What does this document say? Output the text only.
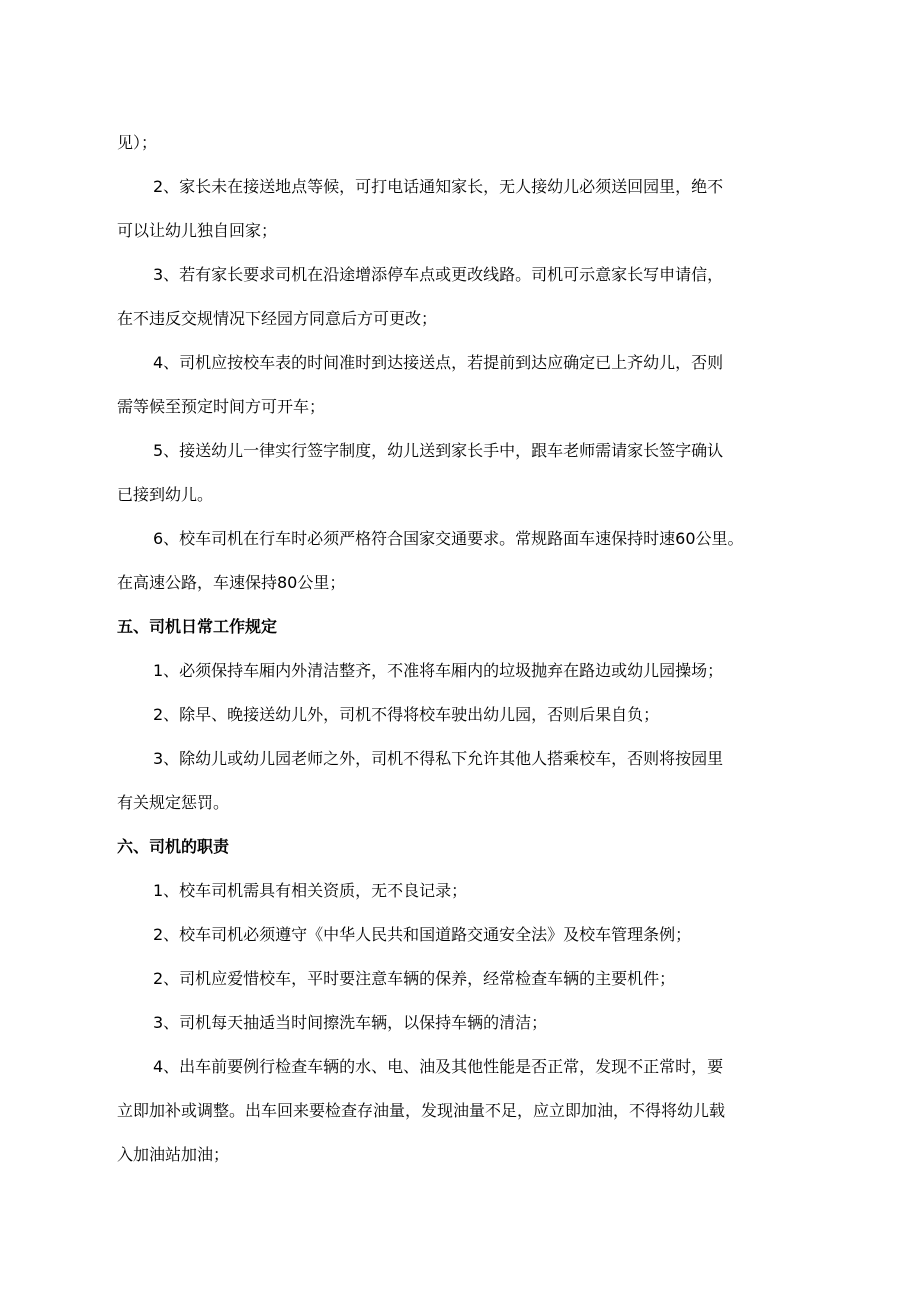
见）；
2、家长未在接送地点等候，可打电话通知家长，无人接幼儿必须送回园里，绝不
可以让幼儿独自回家；
3、若有家长要求司机在沿途增添停车点或更改线路。司机可示意家长写申请信，
在不违反交规情况下经园方同意后方可更改；
4、司机应按校车表的时间准时到达接送点，若提前到达应确定已上齐幼儿，否则
需等候至预定时间方可开车；
5、接送幼儿一律实行签字制度，幼儿送到家长手中，跟车老师需请家长签字确认
已接到幼儿。
6、校车司机在行车时必须严格符合国家交通要求。常规路面车速保持时速60公里。
在高速公路，车速保持80公里；
五、司机日常工作规定
1、必须保持车厢内外清洁整齐，不准将车厢内的垃圾抛弃在路边或幼儿园操场；
2、除早、晚接送幼儿外，司机不得将校车驶出幼儿园，否则后果自负；
3、除幼儿或幼儿园老师之外，司机不得私下允许其他人搭乘校车，否则将按园里
有关规定惩罚。
六、司机的职责
1、校车司机需具有相关资质，无不良记录；
2、校车司机必须遵守《中华人民共和国道路交通安全法》及校车管理条例；
2、司机应爱惜校车，平时要注意车辆的保养，经常检查车辆的主要机件；
3、司机每天抽适当时间擦洗车辆，以保持车辆的清洁；
4、出车前要例行检查车辆的水、电、油及其他性能是否正常，发现不正常时，要
立即加补或调整。出车回来要检查存油量，发现油量不足，应立即加油，不得将幼儿载
入加油站加油；
